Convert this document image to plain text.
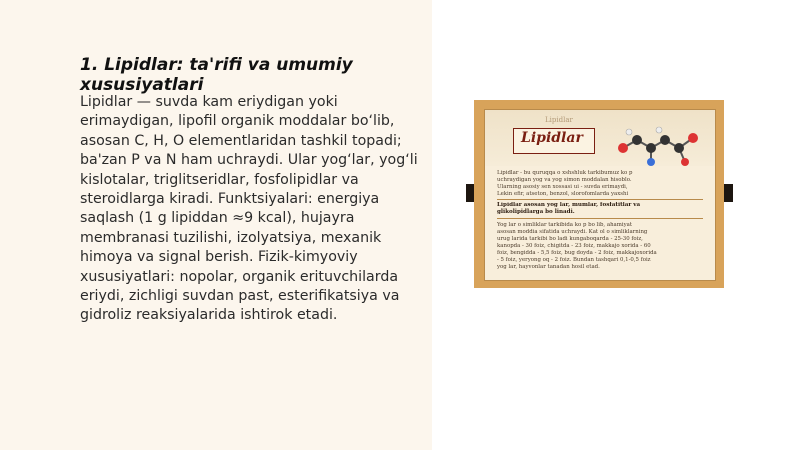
1. Lipidlar: ta'rifi va umumiy xususiyatlari

Lipidlar — suvda kam eriydigan yoki erimaydigan, lipofil organik moddalar bo‘lib, asosan C, H, O elementlaridan tashkil topadi; ba'zan P va N ham uchraydi. Ular yog‘lar, yog‘li kislotalar, triglitseridlar, fosfolipidlar va steroidlarga kiradi. Funktsiyalari: energiya saqlash (1 g lipiddan ≈9 kcal), hujayra membranasi tuzilishi, izolyatsiya, mexanik himoya va signal berish. Fizik-kimyoviy xususiyatlari: nopolar, organik erituvchilarda eriydi, zichligi suvdan past, esterifikatsiya va gidroliz reaksiyalarida ishtirok etadi.

Lipidlar
Lipidlar
Lipidlar - bu quruqqa o xshshluk tarkibumuz ko p
uchraydigan yog va yog simon moddalan hisoblo.
Ularning asosiy sen xossasi ui - suvda erimaydi,
Lekin efir, atseton, benzol, slorofomlarda yaxshi
Lipidlar asosan yog lar, mumlar, fosfatitlar va
glikolipidlarga bo linadi.
Yog lar o simliklar tarkibida ko p bo lib, ahamiyat
asosan moddia sifatida uchraydi. Kat ol o simliklarning
urug larida tarkibi bo ladi kungaboqarda - 25-30 foiz,
kanopda - 30 foiz, chigitda - 23 foiz, makkajo xorida - 60
foiz, bengidda - 5,5 foiz, bug doyda - 2 foiz, makkajoxorida
- 5 foiz, yeryong oq - 2 foiz. Bundan tashqari 0,1-0,5 foiz
yog lar, hayvonlar tanadan hosil etad.
